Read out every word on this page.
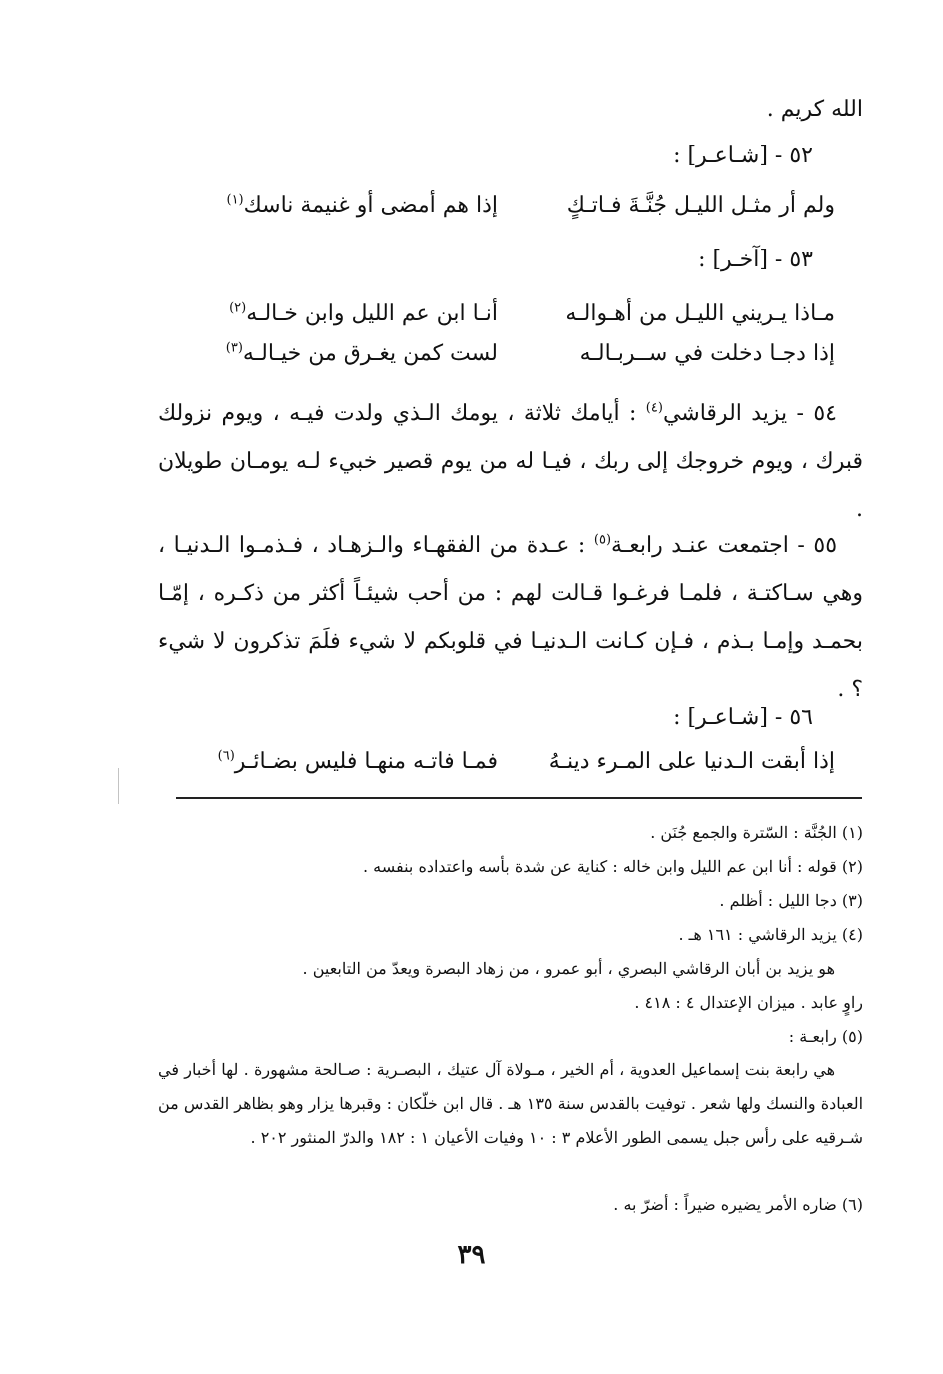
الله كريم .
٥٢ - [شـاعـر] :
ولم أر مثـل الليـل جُنَّـةَ فـاتـكٍ
إذا هم أمضى أو غنيمة ناسك$^{(١)}$
٥٣ - [آخـر] :
مـاذا يـريني الليـل من أهـوالـه
أنـا ابن عم الليل وابن خـالـه$^{(٢)}$
إذا دجـا دخلت في ســربـالـه
لست كمن يغـرق من خيـالـه$^{(٣)}$
٥٤ - يزيد الرقاشي$^{(٤)}$ : أيامك ثلاثة ، يومك الـذي ولدت فيـه ، ويوم نزولك قبرك ، ويوم خروجك إلى ربك ، فيـا له من يوم قصير خبيء لـه يومـان طويلان .
٥٥ - اجتمعت عنـد رابعـة$^{(٥)}$ : عـدة من الفقهـاء والـزهـاد ، فـذمـوا الـدنيـا ، وهي سـاكتـة ، فلمـا فرغـوا قـالت لهم : من أحب شيئـاً أكثر من ذكـره ، إمّـا بحمـد وإمـا بـذم ، فـإن كـانت الـدنيـا في قلوبكم لا شيء فلَمَ تذكرون لا شيء ؟ .
٥٦ - [شـاعـر] :
إذا أبقت الـدنيا على المـرء دينـهُ
فمـا فاتـه منهـا فليس بضـائـر$^{(٦)}$
(١) الجُنَّة : السّترة والجمع جُنَن .
(٢) قوله : أنا ابن عم الليل وابن خاله : كناية عن شدة بأسه واعتداده بنفسه .
(٣) دجا الليل : أظلم .
(٤) يزيد الرقاشي : ١٦١ هـ .
هو يزيد بن أبان الرقاشي البصري ، أبو عمرو ، من زهاد البصرة ويعدّ من التابعين .
راوٍ عابد . ميزان الإعتدال ٤ : ٤١٨ .
(٥) رابعـة :
هي رابعة بنت إسماعيل العدوية ، أم الخير ، مـولاة آل عتيك ، البصـرية : صـالحة مشهورة . لها أخبار في العبادة والنسك ولها شعر . توفيت بالقدس سنة ١٣٥ هـ . قال ابن خلّكان : وقبرها يزار وهو بظاهر القدس من شـرقيه على رأس جبل يسمى الطور الأعلام ٣ : ١٠ وفيات الأعيان ١ : ١٨٢ والدرّ المنثور ٢٠٢ .
(٦) ضاره الأمر يضيره ضيراً : أضرّ به .
٣٩
